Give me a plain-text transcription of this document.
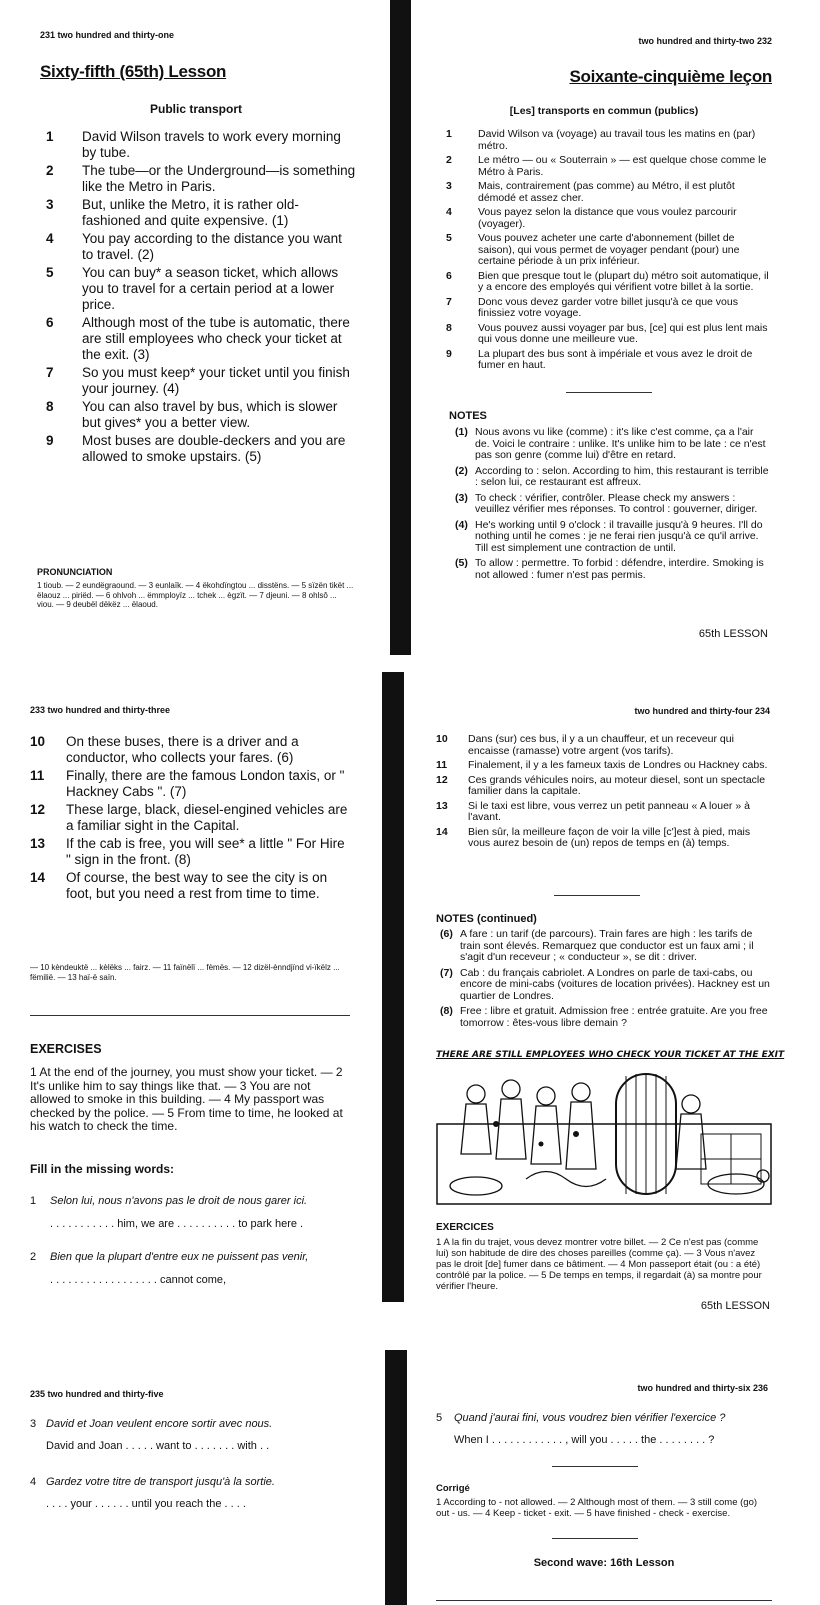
231 two hundred and thirty-one
Sixty-fifth (65th) Lesson
Public transport
1	David Wilson travels to work every morning by tube.
2	The tube—or the Underground—is something like the Metro in Paris.
3	But, unlike the Metro, it is rather old-fashioned and quite expensive. (1)
4	You pay according to the distance you want to travel. (2)
5	You can buy* a season ticket, which allows you to travel for a certain period at a lower price.
6	Although most of the tube is automatic, there are still employees who check your ticket at the exit. (3)
7	So you must keep* your ticket until you finish your journey. (4)
8	You can also travel by bus, which is slower but gives* you a better view.
9	Most buses are double-deckers and you are allowed to smoke upstairs. (5)
PRONUNCIATION
1 tioub. — 2 eundëgraound. — 3 eunlaïk. — 4 ëkohdïngtou ... disstëns. — 5 sïzën tikët ... ëlaouz ... piriëd. — 6 ohlvoh ... ëmmployïz ... tchek ... ègzït. — 7 djeuni. — 8 ohlsô ... viou. — 9 deubël dëkëz ... ëlaoud.
two hundred and thirty-two 232
Soixante-cinquième leçon
[Les] transports en commun (publics)
1	David Wilson va (voyage) au travail tous les matins en (par) métro.
2	Le métro — ou « Souterrain » — est quelque chose comme le Métro à Paris.
3	Mais, contrairement (pas comme) au Métro, il est plutôt démodé et assez cher.
4	Vous payez selon la distance que vous voulez parcourir (voyager).
5	Vous pouvez acheter une carte d'abonnement (billet de saison), qui vous permet de voyager pendant (pour) une certaine période à un prix inférieur.
6	Bien que presque tout le (plupart du) métro soit automatique, il y a encore des employés qui vérifient votre billet à la sortie.
7	Donc vous devez garder votre billet jusqu'à ce que vous finissiez votre voyage.
8	Vous pouvez aussi voyager par bus, [ce] qui est plus lent mais qui vous donne une meilleure vue.
9	La plupart des bus sont à impériale et vous avez le droit de fumer en haut.
NOTES
(1) Nous avons vu like (comme) : it's like c'est comme, ça a l'air de. Voici le contraire : unlike. It's unlike him to be late : ce n'est pas son genre (comme lui) d'être en retard.
(2) According to : selon. According to him, this restaurant is terrible : selon lui, ce restaurant est affreux.
(3) To check : vérifier, contrôler. Please check my answers : veuillez vérifier mes réponses. To control : gouverner, diriger.
(4) He's working until 9 o'clock : il travaille jusqu'à 9 heures. I'll do nothing until he comes : je ne ferai rien jusqu'à ce qu'il arrive. Till est simplement une contraction de until.
(5) To allow : permettre. To forbid : défendre, interdire. Smoking is not allowed : fumer n'est pas permis.
65th LESSON
233 two hundred and thirty-three
10	On these buses, there is a driver and a conductor, who collects your fares. (6)
11	Finally, there are the famous London taxis, or " Hackney Cabs ". (7)
12	These large, black, diesel-engined vehicles are a familiar sight in the Capital.
13	If the cab is free, you will see* a little " For Hire " sign in the front. (8)
14	Of course, the best way to see the city is on foot, but you need a rest from time to time.
— 10 kèndeuktë ... kèlëks ... fairz. — 11 faïnëlï ... fèmës. — 12 dizël-ènndjïnd vi-ïkëlz ... fëmilië. — 13 haï-ë saïn.
EXERCISES
1 At the end of the journey, you must show your ticket. — 2 It's unlike him to say things like that. — 3 You are not allowed to smoke in this building. — 4 My passport was checked by the police. — 5 From time to time, he looked at his watch to check the time.
Fill in the missing words:
1 Selon lui, nous n'avons pas le droit de nous garer ici.
. . . . . . . . . . . him, we are . . . . . . . . . . to park here .
2 Bien que la plupart d'entre eux ne puissent pas venir,
. . . . . . . . . . . . . . . . . . cannot come,
two hundred and thirty-four 234
10	Dans (sur) ces bus, il y a un chauffeur, et un receveur qui encaisse (ramasse) votre argent (vos tarifs).
11	Finalement, il y a les fameux taxis de Londres ou Hackney cabs.
12	Ces grands véhicules noirs, au moteur diesel, sont un spectacle familier dans la capitale.
13	Si le taxi est libre, vous verrez un petit panneau « A louer » à l'avant.
14	Bien sûr, la meilleure façon de voir la ville [c']est à pied, mais vous aurez besoin de (un) repos de temps en (à) temps.
NOTES (continued)
(6) A fare : un tarif (de parcours). Train fares are high : les tarifs de train sont élevés. Remarquez que conductor est un faux ami ; il s'agit d'un receveur ; « conducteur », se dit : driver.
(7) Cab : du français cabriolet. A Londres on parle de taxi-cabs, ou encore de mini-cabs (voitures de location privées). Hackney est un quartier de Londres.
(8) Free : libre et gratuit. Admission free : entrée gratuite. Are you free tomorrow : êtes-vous libre demain ?
THERE ARE STILL EMPLOYEES WHO CHECK YOUR TICKET AT THE EXIT
EXERCICES
1 A la fin du trajet, vous devez montrer votre billet. — 2 Ce n'est pas (comme lui) son habitude de dire des choses pareilles (comme ça). — 3 Vous n'avez pas le droit [de] fumer dans ce bâtiment. — 4 Mon passeport était (ou : a été) contrôlé par la police. — 5 De temps en temps, il regardait (à) sa montre pour vérifier l'heure.
65th LESSON
235 two hundred and thirty-five
3 David et Joan veulent encore sortir avec nous.
David and Joan . . . . . want to . . . . . . . with . .
4 Gardez votre titre de transport jusqu'à la sortie.
. . . . your . . . . . . until you reach the . . . .
two hundred and thirty-six 236
5 Quand j'aurai fini, vous voudrez bien vérifier l'exercice ?
When I . . . . . . . . . . . . , will you . . . . . the . . . . . . . . ?
Corrigé
1 According to - not allowed. — 2 Although most of them. — 3 still come (go) out - us. — 4 Keep - ticket - exit. — 5 have finished - check - exercise.
Second wave: 16th Lesson
